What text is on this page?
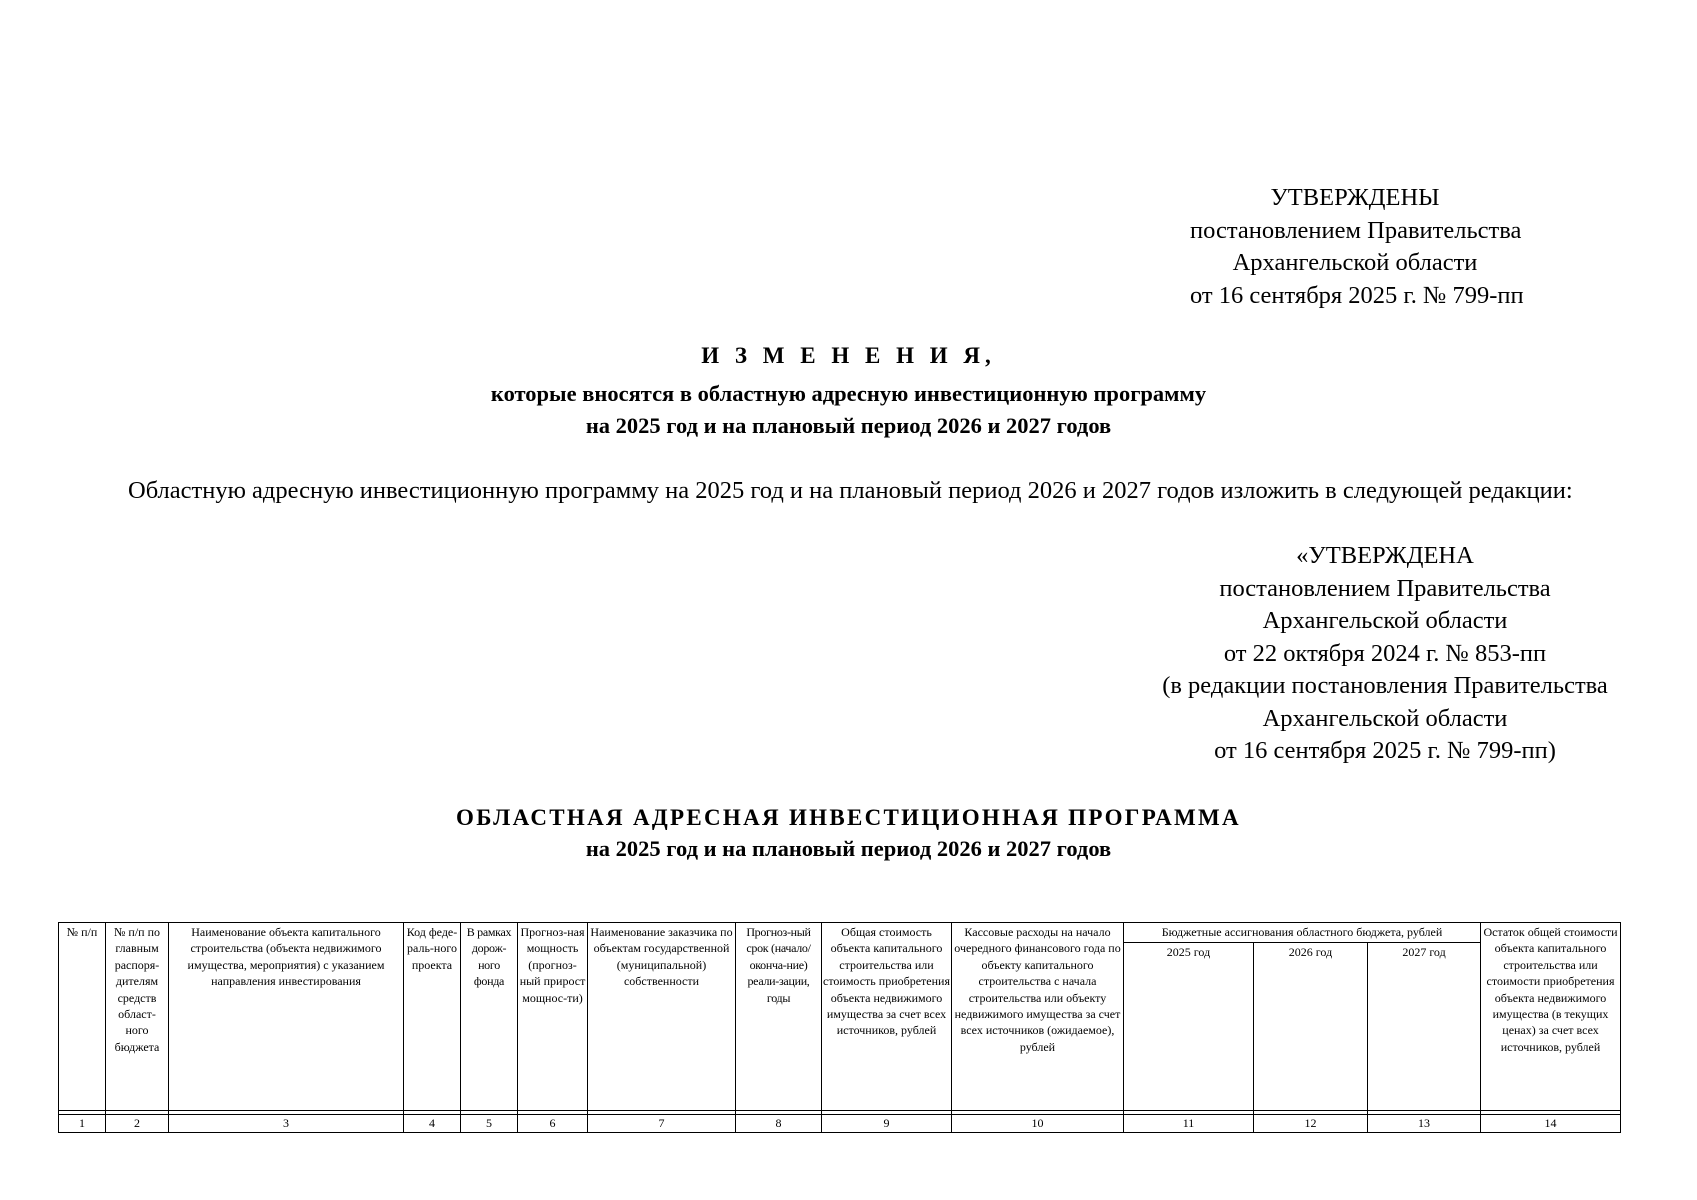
УТВЕРЖДЕНЫ
постановлением Правительства
Архангельской области
от 16 сентября 2025 г. № 799-пп
И З М Е Н Е Н И Я,
которые вносятся в областную адресную инвестиционную программу
на 2025 год и на плановый период 2026 и 2027 годов
Областную адресную инвестиционную программу на 2025 год и на плановый период 2026 и 2027 годов изложить в следующей редакции:
«УТВЕРЖДЕНА
постановлением Правительства
Архангельской области
от 22 октября 2024 г. № 853-пп
(в редакции постановления Правительства
Архангельской области
от 16 сентября 2025 г. № 799-пп)
ОБЛАСТНАЯ АДРЕСНАЯ ИНВЕСТИЦИОННАЯ ПРОГРАММА
на 2025 год и на плановый период 2026 и 2027 годов
№ п/п	№ п/п по главным распоря-дителям средств област-ного бюджета	Наименование объекта капитального строительства (объекта недвижимого имущества, мероприятия) с указанием направления инвестирования	Код феде-раль-ного проекта	В рамках дорож-ного фонда	Прогноз-ная мощность (прогноз-ный прирост мощнос-ти)	Наименование заказчика по объектам государственной (муниципальной) собственности	Прогноз-ный срок (начало/ оконча-ние) реали-зации, годы	Общая стоимость объекта капитального строительства или стоимость приобретения объекта недвижимого имущества за счет всех источников, рублей	Кассовые расходы на начало очередного финансового года по объекту капитального строительства с начала строительства или объекту недвижимого имущества за счет всех источников (ожидаемое), рублей	Бюджетные ассигнования областного бюджета, рублей			Остаток общей стоимости объекта капитального строительства или стоимости приобретения объекта недвижимого имущества (в текущих ценах) за счет всех источников, рублей
										2025 год	2026 год	2027 год	

1	2	3	4	5	6	7	8	9	10	11	12	13	14
